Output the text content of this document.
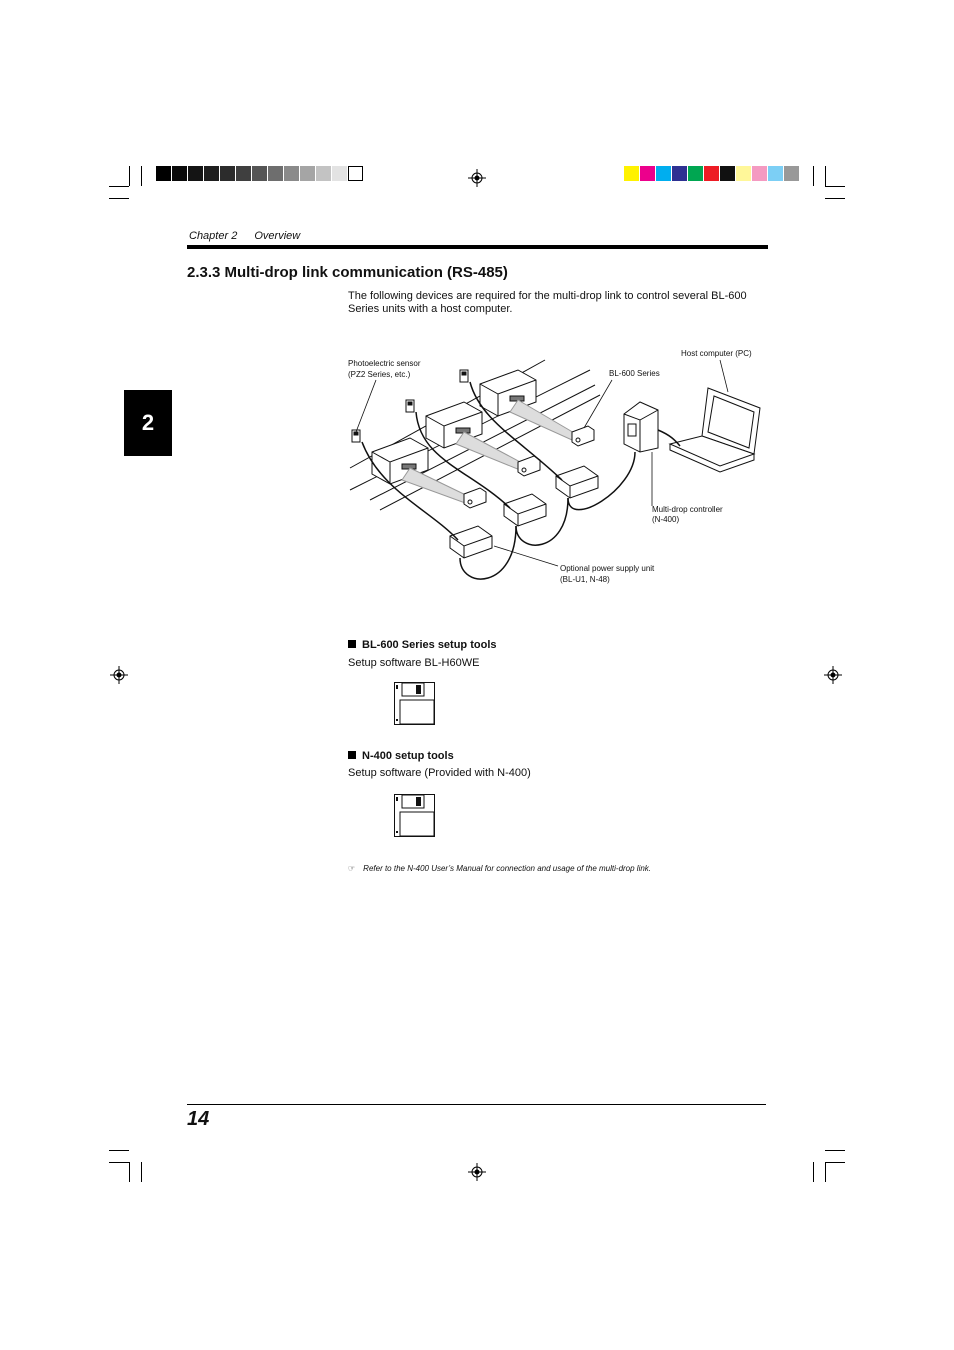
Chapter 2 Overview
2
2.3.3 Multi-drop link communication (RS-485)

The following devices are required for the multi-drop link to control several BL-600 Series units with a host computer.

Host computer (PC)
Photoelectric sensor
(PZ2 Series, etc.)	BL-600 Series
Multi-drop controller
(N-400)
Optional power supply unit
(BL-U1, N-48)
BL-600 Series setup tools
Setup software BL-H60WE
N-400 setup tools
Setup software (Provided with N-400)
☞ Refer to the N-400 User’s Manual for connection and usage of the multi-drop link.
14
